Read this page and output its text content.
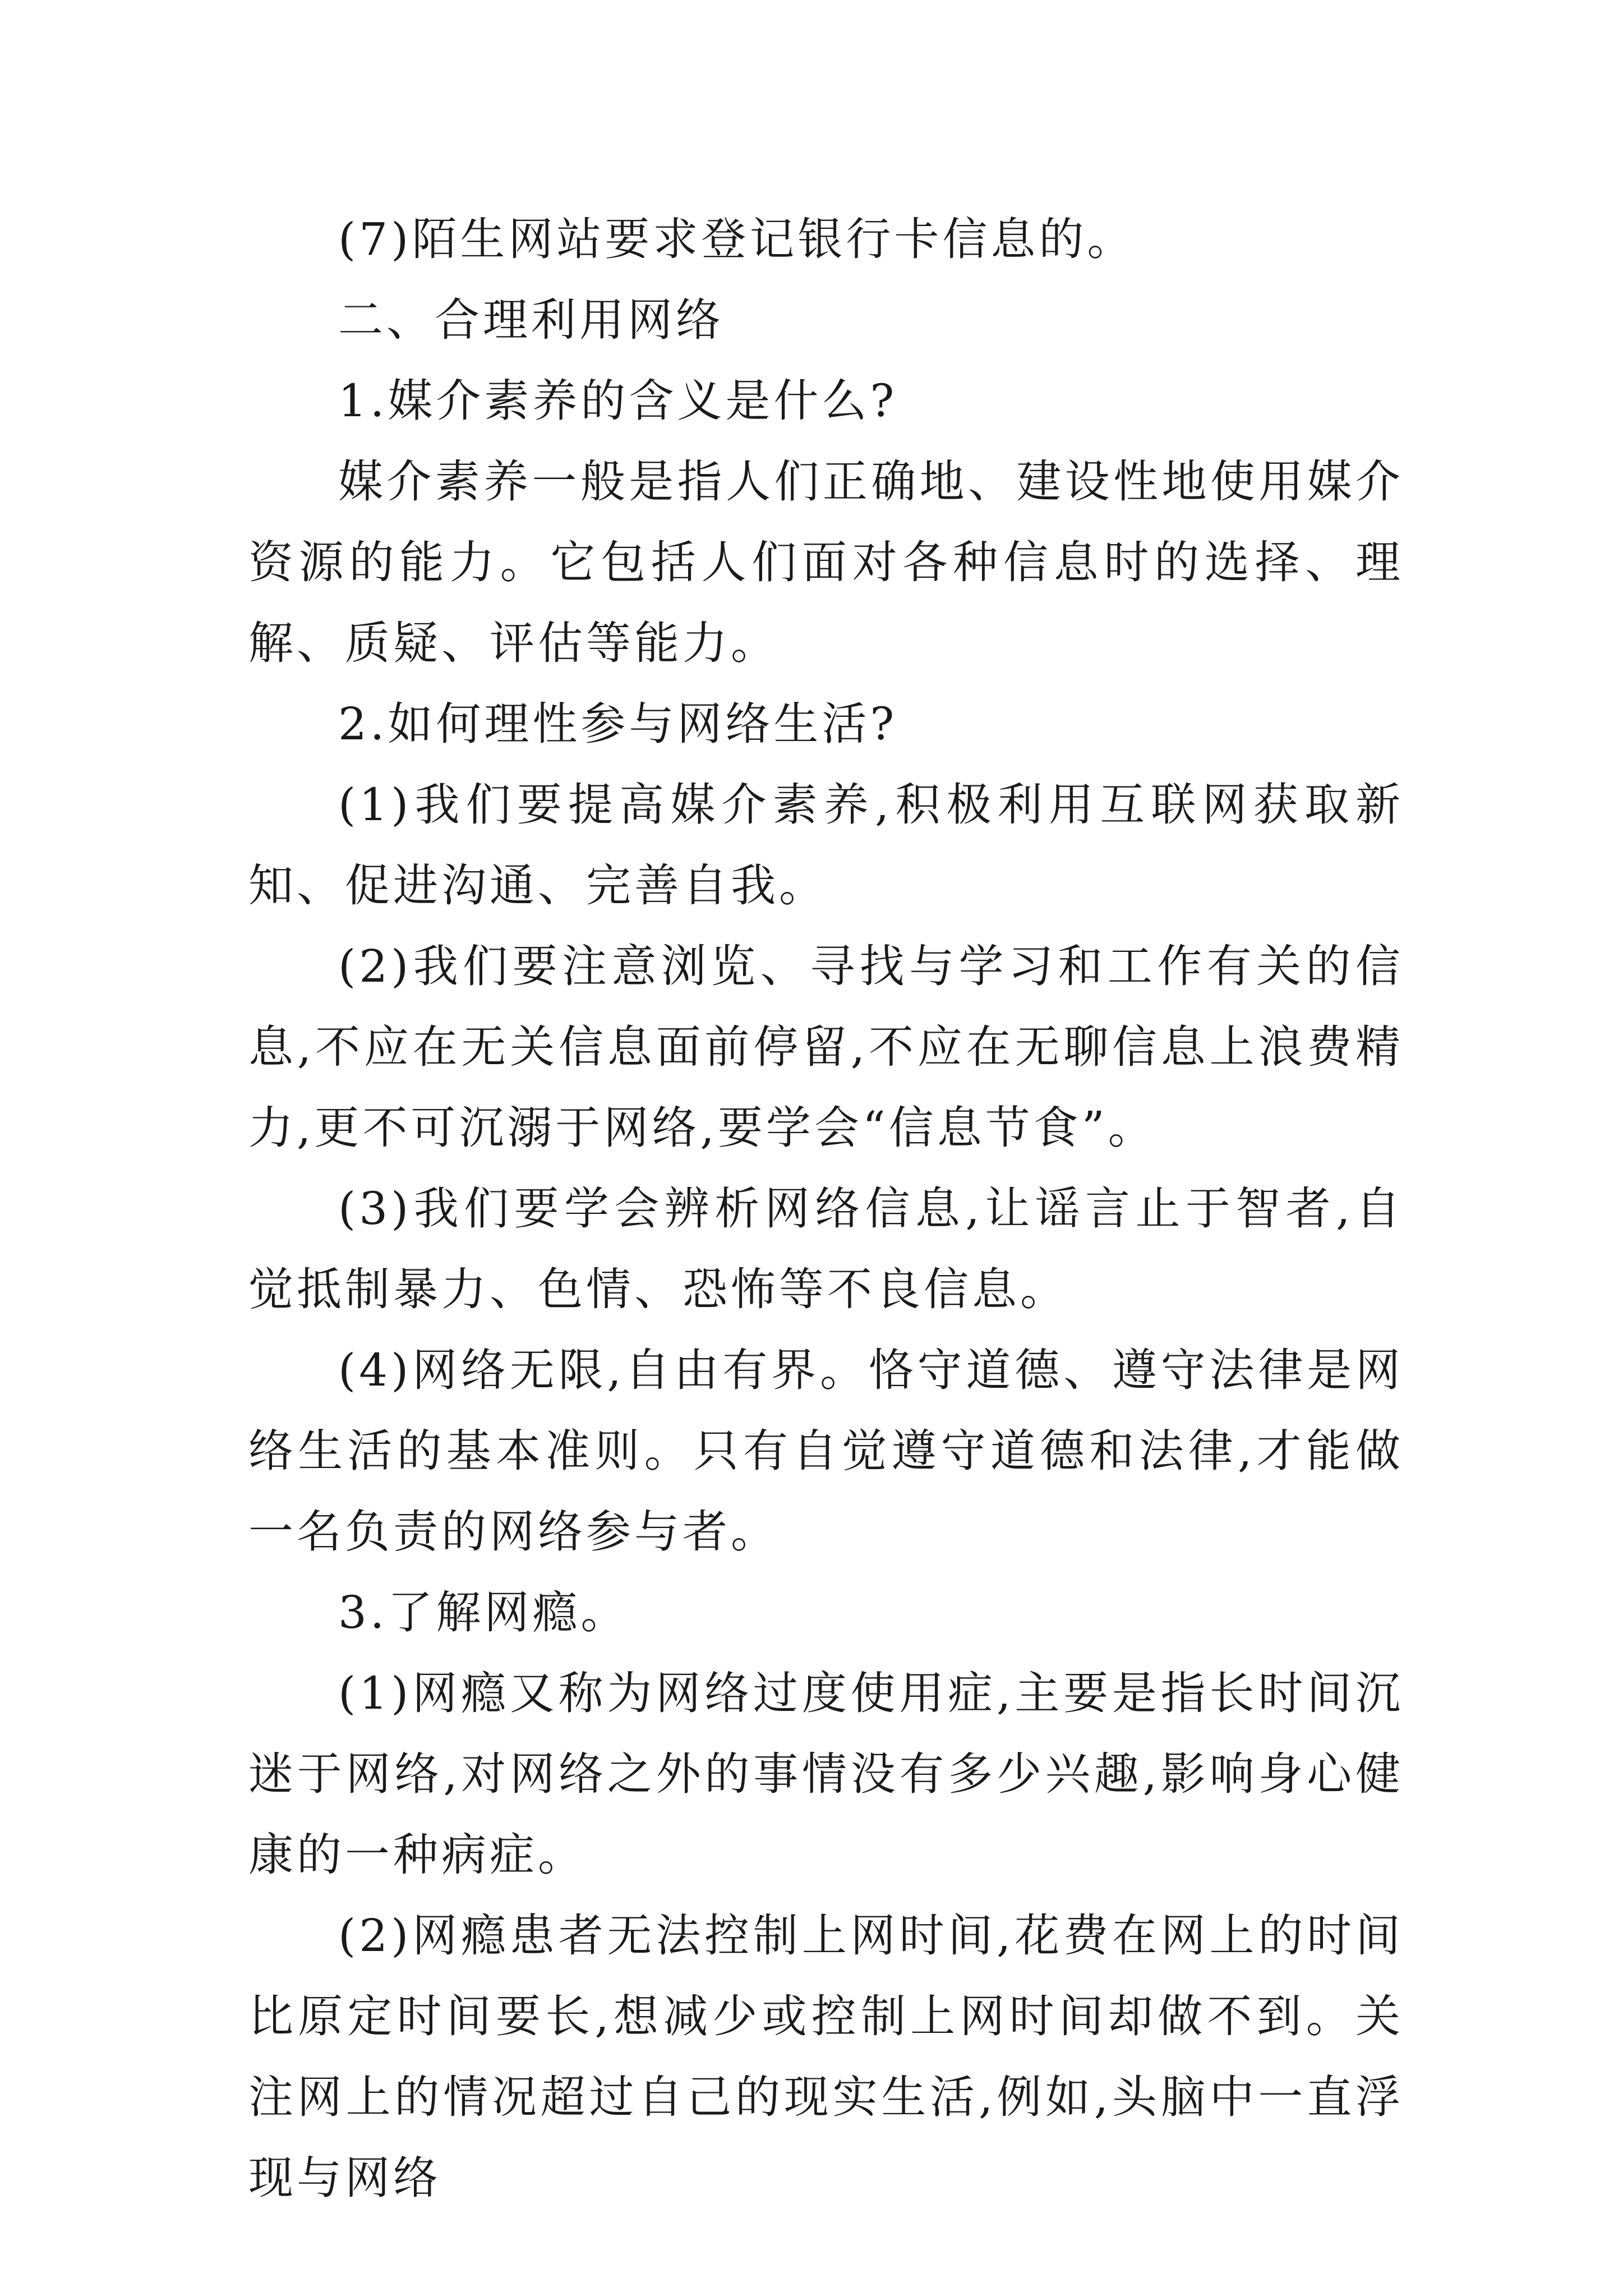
(7)陌生网站要求登记银行卡信息的。

二、合理利用网络

1.媒介素养的含义是什么?

媒介素养一般是指人们正确地、建设性地使用媒介资源的能力。它包括人们面对各种信息时的选择、理解、质疑、评估等能力。

2.如何理性参与网络生活?

(1)我们要提高媒介素养,积极利用互联网获取新知、促进沟通、完善自我。

(2)我们要注意浏览、寻找与学习和工作有关的信息,不应在无关信息面前停留,不应在无聊信息上浪费精力,更不可沉溺于网络,要学会“信息节食”。

(3)我们要学会辨析网络信息,让谣言止于智者,自觉抵制暴力、色情、恐怖等不良信息。

(4)网络无限,自由有界。恪守道德、遵守法律是网络生活的基本准则。只有自觉遵守道德和法律,才能做一名负责的网络参与者。

3.了解网瘾。

(1)网瘾又称为网络过度使用症,主要是指长时间沉迷于网络,对网络之外的事情没有多少兴趣,影响身心健康的一种病症。

(2)网瘾患者无法控制上网时间,花费在网上的时间比原定时间要长,想减少或控制上网时间却做不到。关注网上的情况超过自己的现实生活,例如,头脑中一直浮现与网络
